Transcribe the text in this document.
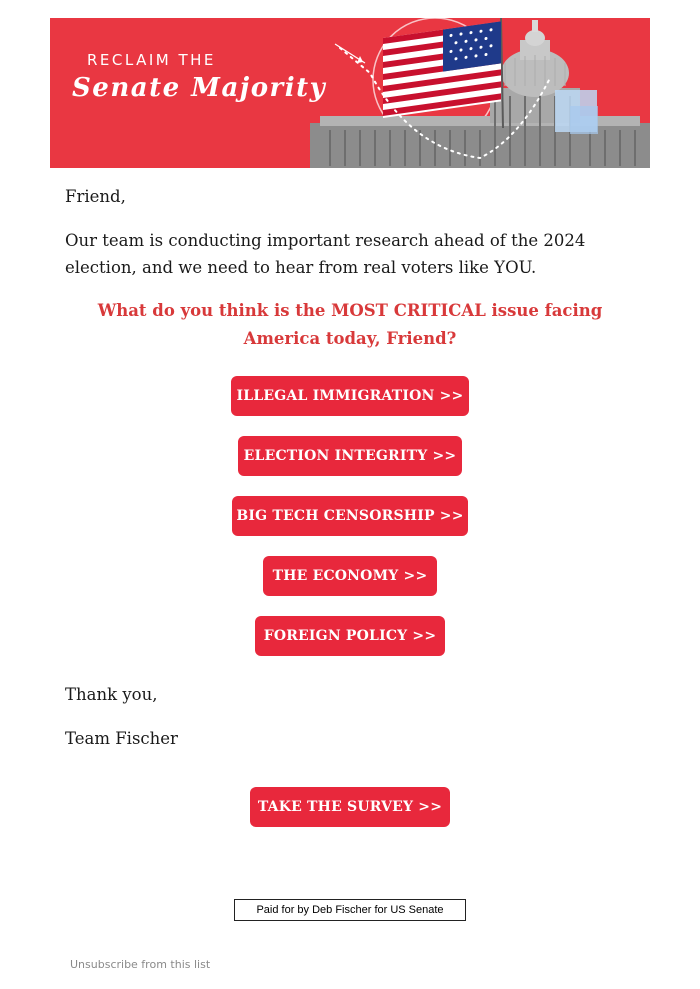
RECLAIM THE
Senate Majority

Friend,

Our team is conducting important research ahead of the 2024 election, and we need to hear from real voters like YOU.

What do you think is the MOST CRITICAL issue facing America today, Friend?

ILLEGAL IMMIGRATION >>
ELECTION INTEGRITY >>
BIG TECH CENSORSHIP >>
THE ECONOMY >>
FOREIGN POLICY >>

Thank you,

Team Fischer

TAKE THE SURVEY >>
Paid for by Deb Fischer for US Senate
Unsubscribe from this list
